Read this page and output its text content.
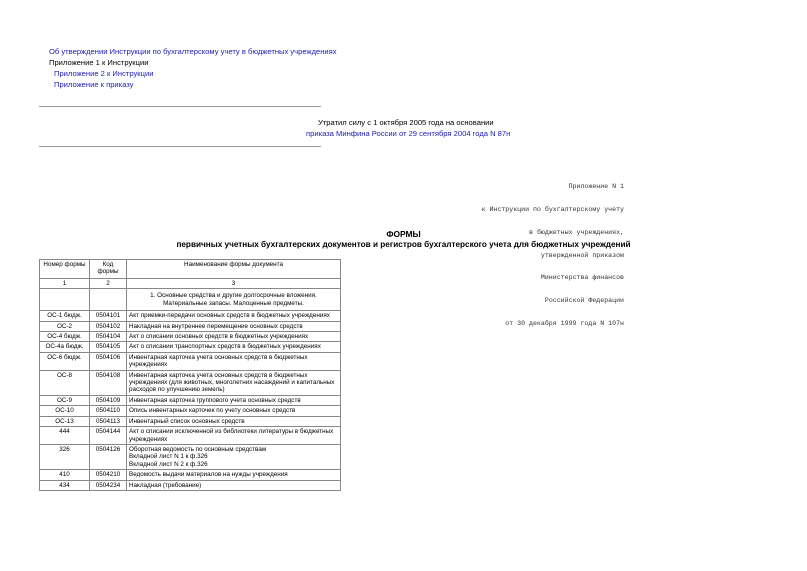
Об утверждении Инструкции по бухгалтерскому учету в бюджетных учреждениях
Приложение 1 к Инструкции
Приложение 2 к Инструкции
Приложение к приказу
Утратил силу с 1 октября 2005 года на основании
приказа Минфина России от 29 сентября 2004 года N 87н

Приложение N 1

к Инструкции по бухгалтерскому учету

в бюджетных учреждениях,

утвержденной приказом

Министерства финансов

Российской Федерации

от 30 декабря 1999 года N 107н

ФОРМЫ
первичных учетных бухгалтерских документов и регистров бухгалтерского учета для бюджетных учреждений
Номер формы	Код формы	Наименование формы документа
1	2	3
		1. Основные средства и другие долгосрочные вложения. Материальные запасы. Малоценные предметы.
ОС-1 бюдж.	0504101	Акт приемки-передачи основных средств в бюджетных учреждениях
ОС-2	0504102	Накладная на внутреннее перемещение основных средств
ОС-4 бюдж.	0504104	Акт о списании основных средств в бюджетных учреждениях
ОС-4а бюдж.	0504105	Акт о списании транспортных средств в бюджетных учреждениях
ОС-6 бюдж.	0504106	Инвентарная карточка учета основных средств в бюджетных учреждениях
ОС-8	0504108	Инвентарная карточка учета основных средств в бюджетных учреждениях (для животных, многолетних насаждений и капитальных расходов по улучшению земель)
ОС-9	0504109	Инвентарная карточка группового учета основных средств
ОС-10	0504110	Опись инвентарных карточек по учету основных средств
ОС-13	0504113	Инвентарный список основных средств
444	0504144	Акт о списании исключенной из библиотеки литературы в бюджетных учреждениях
326	0504126	Оборотная ведомость по основным средствам
Вкладной лист N 1 к ф.326
Вкладной лист N 2 к ф.326
410	0504210	Ведомость выдачи материалов на нужды учреждения
434	0504234	Накладная (требование)
